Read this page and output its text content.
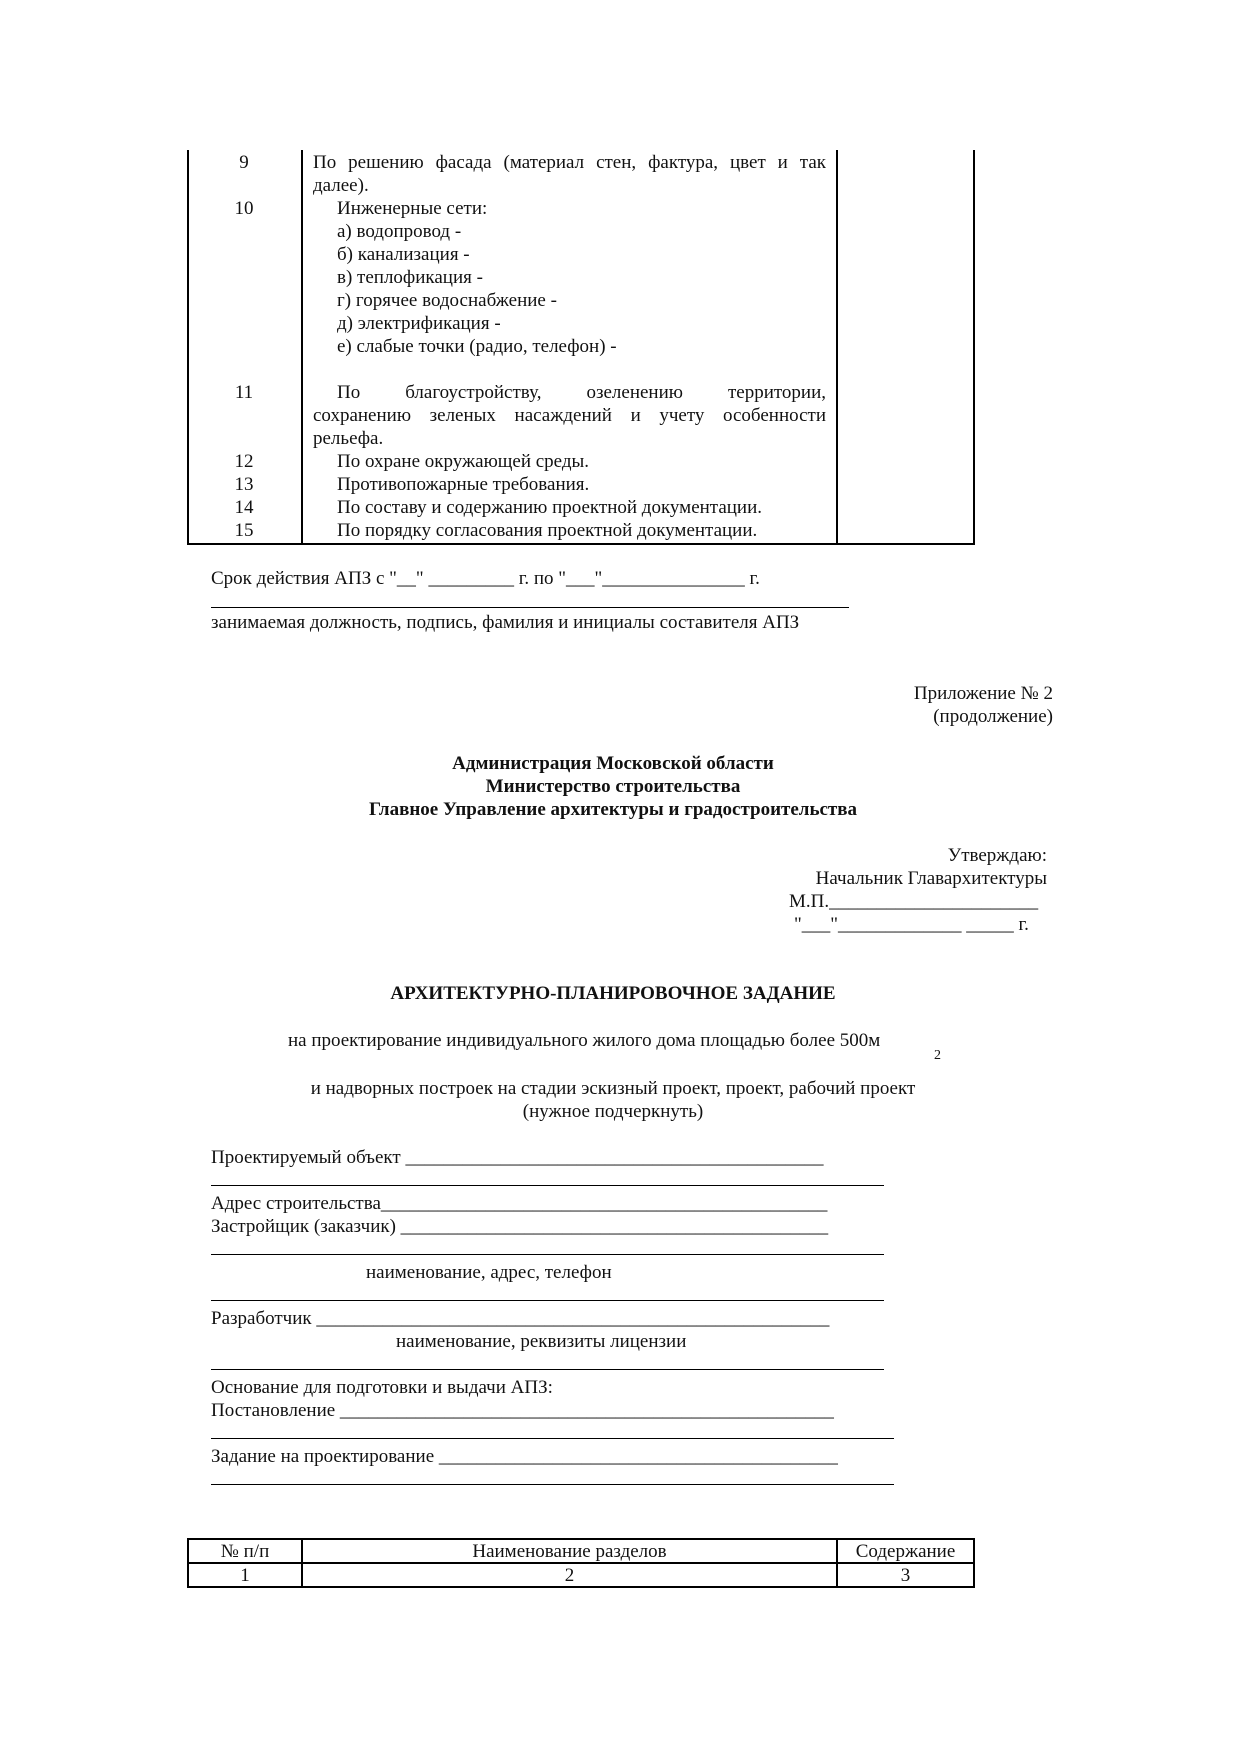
9	По решению фасада (материал стен, фактура, цвет и так
далее).
10	Инженерные сети:
а) водопровод -
б) канализация -
в) теплофикация -
г) горячее водоснабжение -
д) электрификация -
е) слабые точки (радио, телефон) -
11	По благоустройству, озеленению территории,
сохранению зеленых насаждений и учету особенности
рельефа.
12	По охране окружающей среды.
13	Противопожарные требования.
14	По составу и содержанию проектной документации.
15	По порядку согласования проектной документации.
Срок действия АПЗ с "__" _________ г. по "___"_______________ г.
занимаемая должность, подпись, фамилия и инициалы составителя АПЗ
Приложение № 2
(продолжение)
Администрация Московской области
Министерство строительства
Главное Управление архитектуры и градостроительства
Утверждаю:
Начальник Главархитектуры
М.П.______________________
"___"_____________ _____ г.
АРХИТЕКТУРНО-ПЛАНИРОВОЧНОЕ ЗАДАНИЕ
на проектирование индивидуального жилого дома площадью более 500м
2
и надворных построек на стадии эскизный проект, проект, рабочий проект
(нужное подчеркнуть)
Проектируемый объект ____________________________________________
Адрес строительства_______________________________________________
Застройщик (заказчик) _____________________________________________
наименование, адрес, телефон
Разработчик ______________________________________________________
наименование, реквизиты лицензии
Основание для подготовки и выдачи АПЗ:
Постановление ____________________________________________________
Задание на проектирование __________________________________________
№ п/п	Наименование разделов	Содержание
1	2	3
